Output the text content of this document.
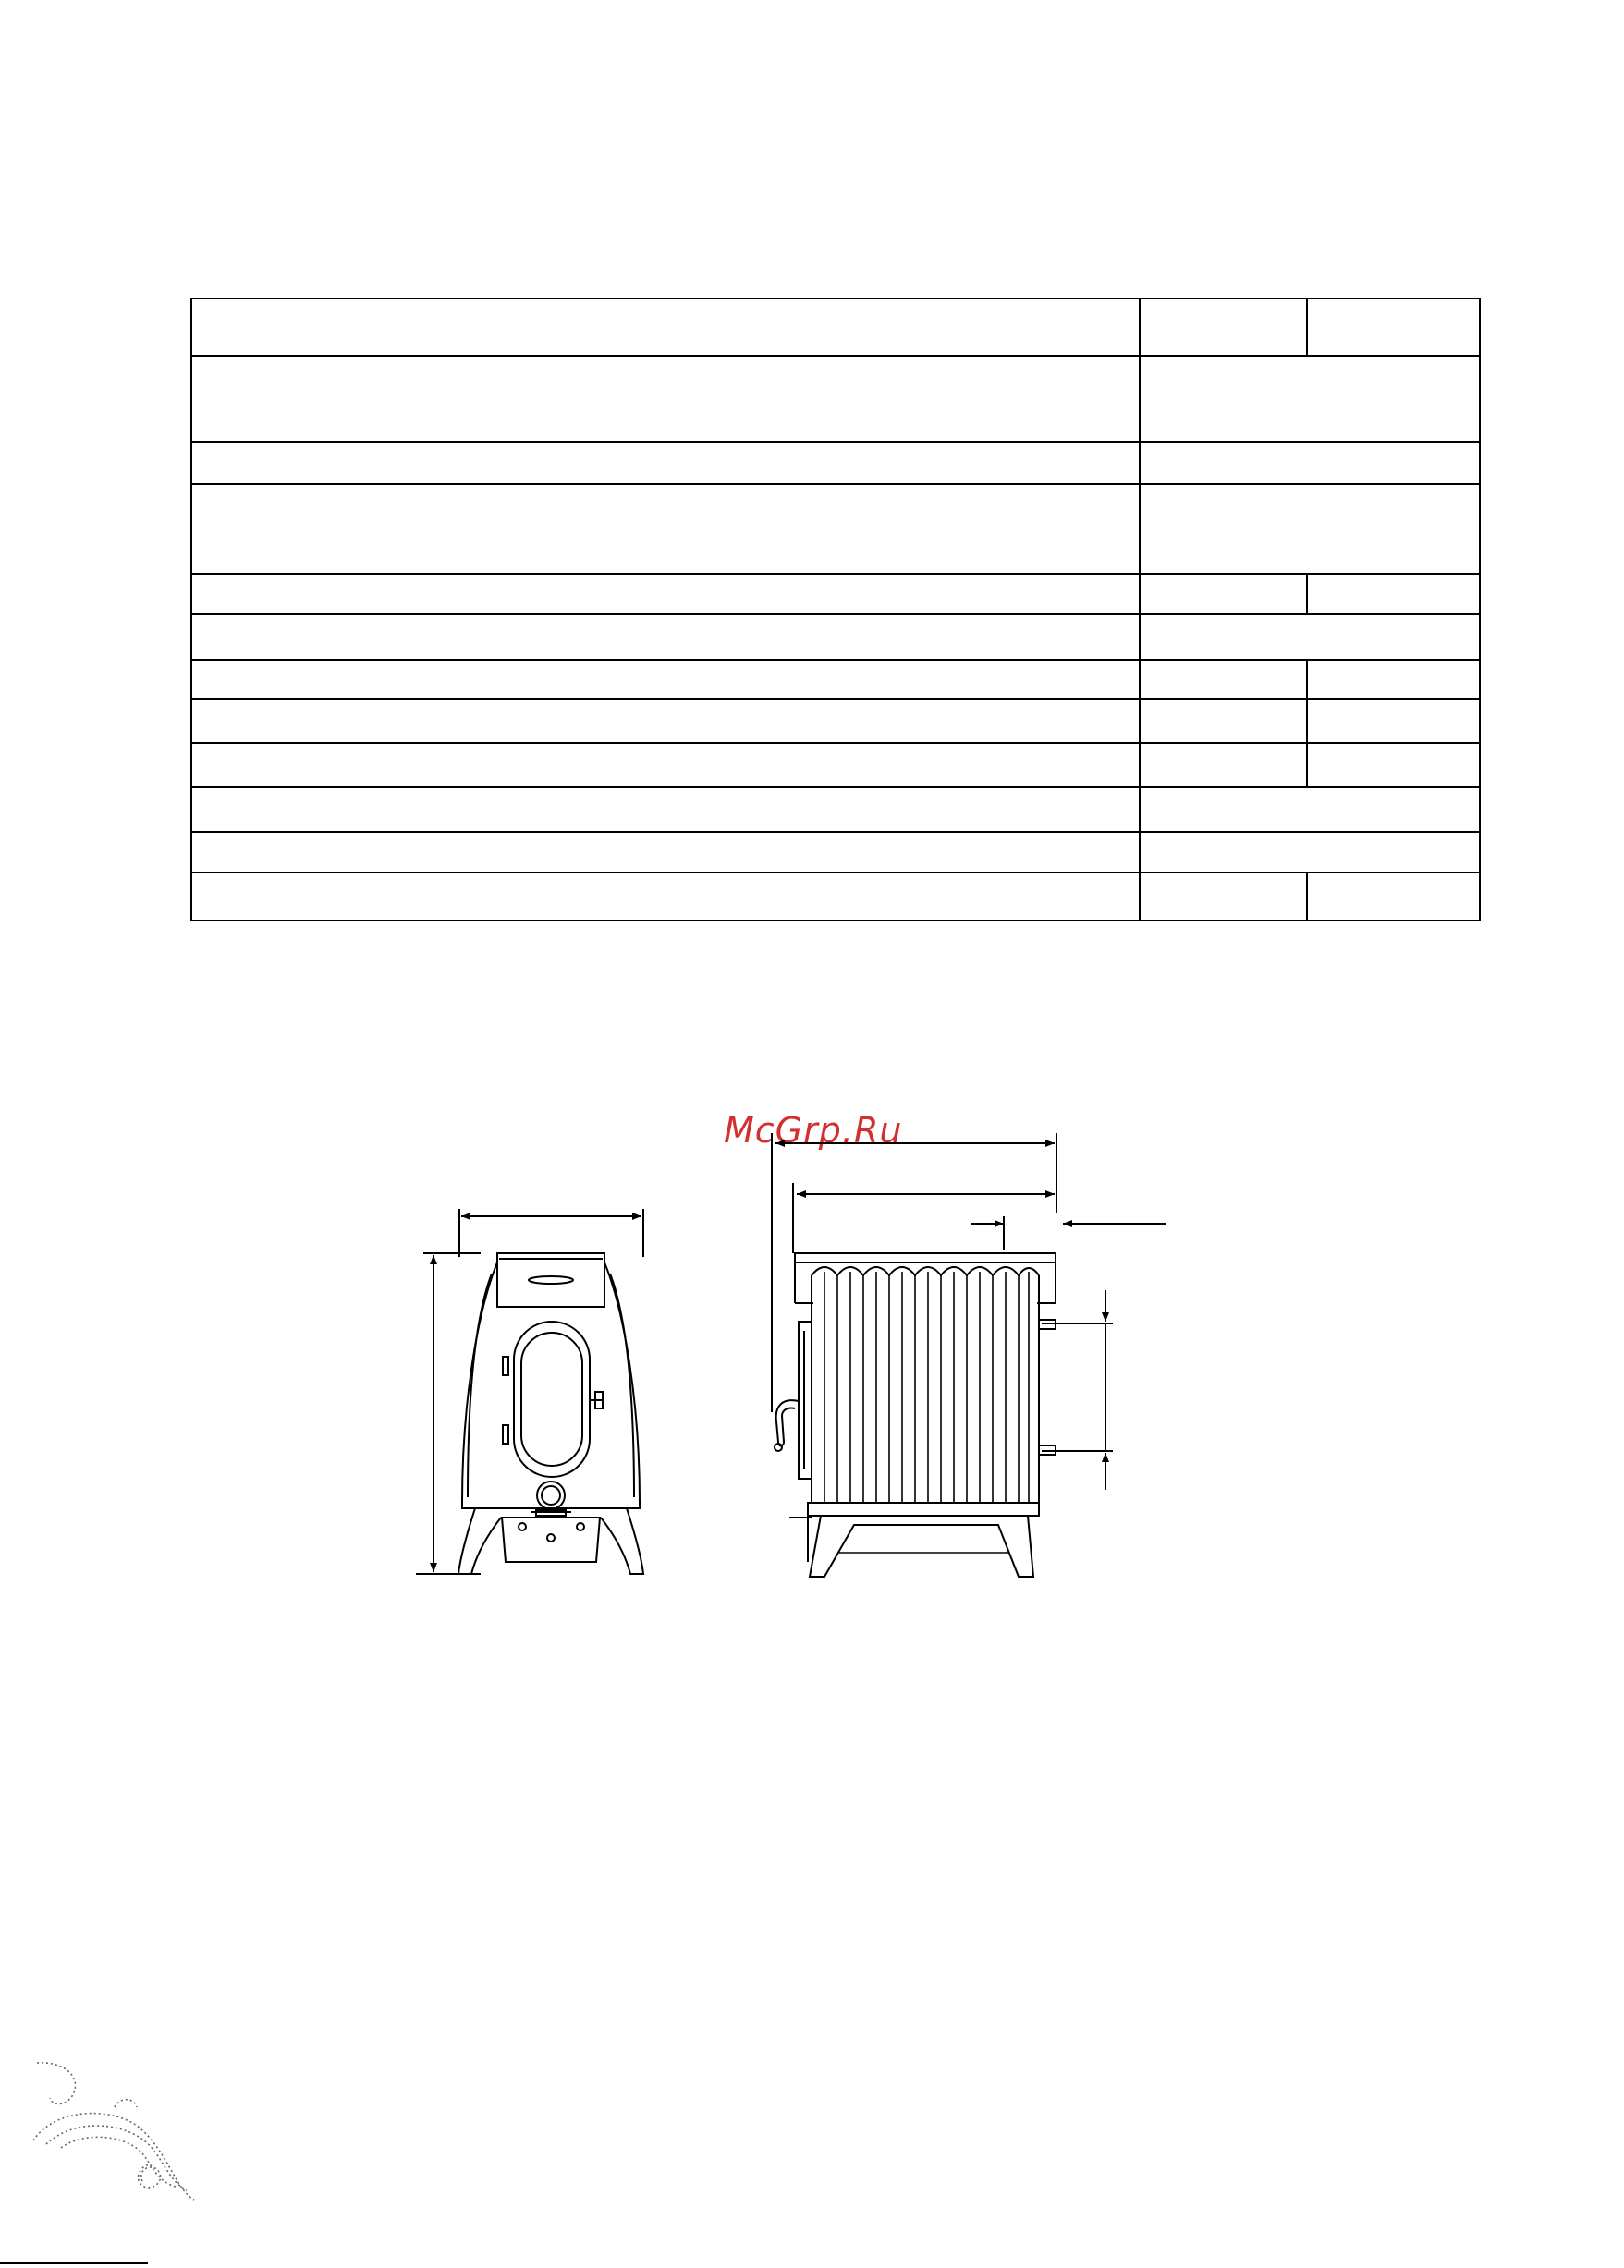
McGrp.Ru
